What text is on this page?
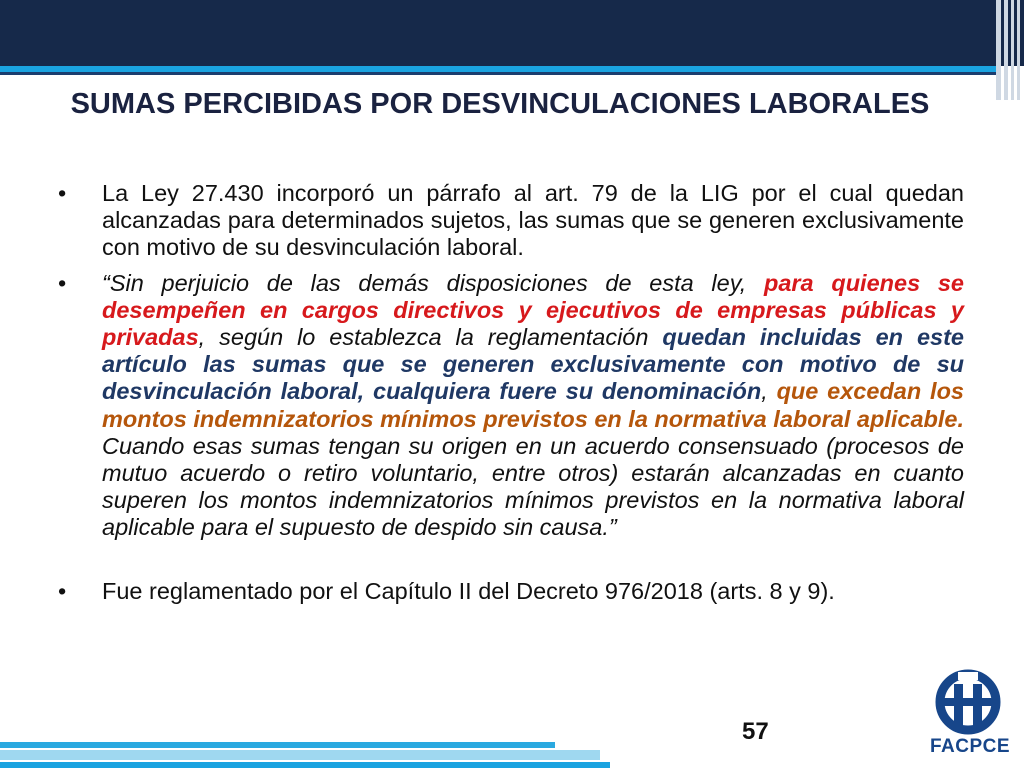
SUMAS PERCIBIDAS POR DESVINCULACIONES LABORALES
• La Ley 27.430 incorporó un párrafo al art. 79 de la LIG por el cual quedan alcanzadas para determinados sujetos, las sumas que se generen exclusivamente con motivo de su desvinculación laboral.
• “Sin perjuicio de las demás disposiciones de esta ley, para quienes se desempeñen en cargos directivos y ejecutivos de empresas públicas y privadas, según lo establezca la reglamentación quedan incluidas en este artículo las sumas que se generen exclusivamente con motivo de su desvinculación laboral, cualquiera fuere su denominación, que excedan los montos indemnizatorios mínimos previstos en la normativa laboral aplicable. Cuando esas sumas tengan su origen en un acuerdo consensuado (procesos de mutuo acuerdo o retiro voluntario, entre otros) estarán alcanzadas en cuanto superen los montos indemnizatorios mínimos previstos en la normativa laboral aplicable para el supuesto de despido sin causa.”
• Fue reglamentado por el Capítulo II del Decreto 976/2018 (arts. 8 y 9).
57
FACPCE
